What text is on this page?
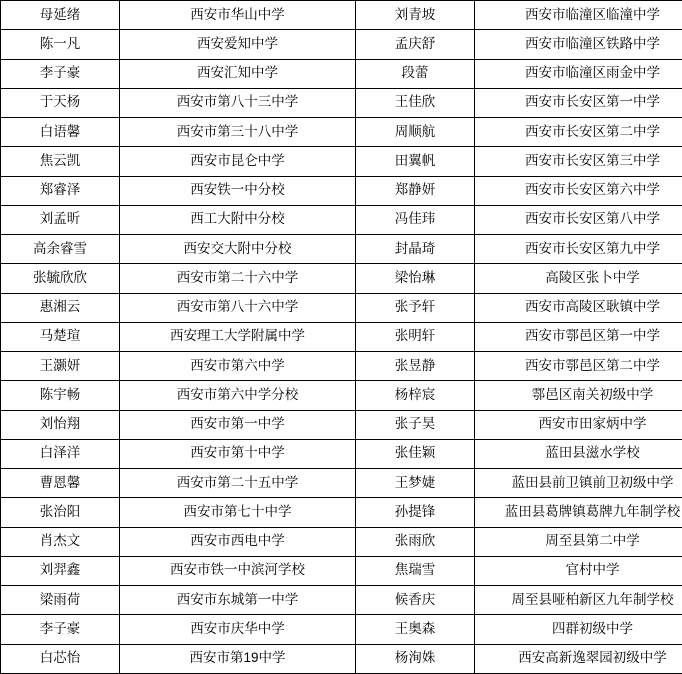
母延绪	西安市华山中学	刘青坡	西安市临潼区临潼中学
陈一凡	西安爱知中学	孟庆舒	西安市临潼区铁路中学
李子豪	西安汇知中学	段蕾	西安市临潼区雨金中学
于天杨	西安市第八十三中学	王佳欣	西安市长安区第一中学
白语馨	西安市第三十八中学	周顺航	西安市长安区第二中学
焦云凯	西安市昆仑中学	田翼帆	西安市长安区第三中学
郑睿泽	西安铁一中分校	郑静妍	西安市长安区第六中学
刘孟昕	西工大附中分校	冯佳玮	西安市长安区第八中学
高余睿雪	西安交大附中分校	封晶琦	西安市长安区第九中学
张毓欣欣	西安市第二十六中学	梁怡琳	高陵区张卜中学
惠湘云	西安市第八十六中学	张予轩	西安市高陵区耿镇中学
马楚瑄	西安理工大学附属中学	张明轩	西安市鄠邑区第一中学
王灏妍	西安市第六中学	张昱静	西安市鄠邑区第二中学
陈宇畅	西安市第六中学分校	杨梓宸	鄠邑区南关初级中学
刘怡翔	西安市第一中学	张子昊	西安市田家炳中学
白泽洋	西安市第十中学	张佳颖	蓝田县滋水学校
曹恩馨	西安市第二十五中学	王梦婕	蓝田县前卫镇前卫初级中学
张治阳	西安市第七十中学	孙提锋	蓝田县葛牌镇葛牌九年制学校
肖杰文	西安市西电中学	张雨欣	周至县第二中学
刘羿鑫	西安市铁一中滨河学校	焦瑞雪	官村中学
梁雨荷	西安市东城第一中学	候香庆	周至县哑柏新区九年制学校
李子豪	西安市庆华中学	王奥森	四群初级中学
白芯怡	西安市第19中学	杨洵姝	西安高新逸翠园初级中学
